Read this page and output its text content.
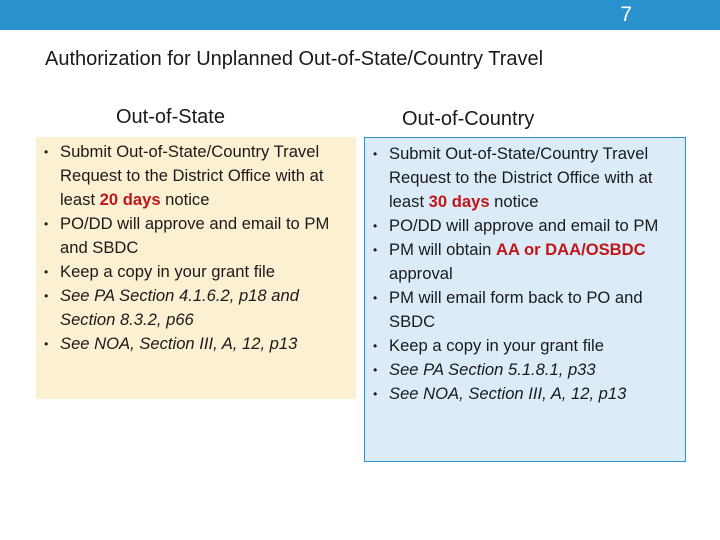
7
Authorization for Unplanned Out-of-State/Country Travel
Out-of-State	Out-of-Country
• Submit Out-of-State/Country Travel Request to the District Office with at least 20 days notice
• PO/DD will approve and email to PM and SBDC
• Keep a copy in your grant file
• See PA Section 4.1.6.2, p18 and Section 8.3.2, p66
• See NOA, Section III, A, 12, p13
• Submit Out-of-State/Country Travel Request to the District Office with at least 30 days notice
• PO/DD will approve and email to PM
• PM will obtain AA or DAA/OSBDC approval
• PM will email form back to PO and SBDC
• Keep a copy in your grant file
• See PA Section 5.1.8.1, p33
• See NOA, Section III, A, 12, p13
